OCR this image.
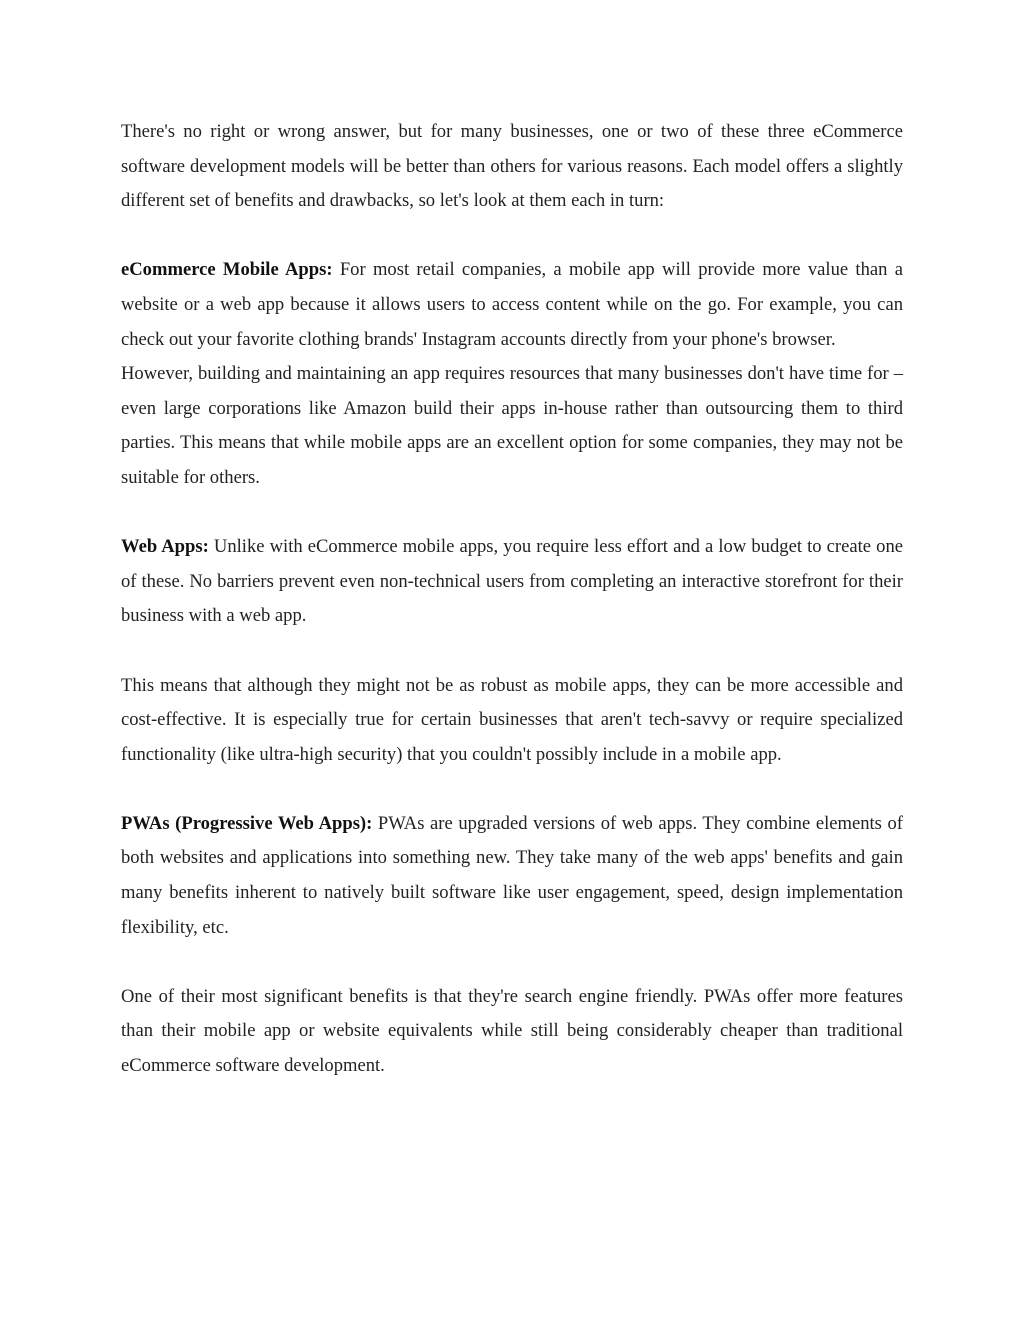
There's no right or wrong answer, but for many businesses, one or two of these three eCommerce software development models will be better than others for various reasons. Each model offers a slightly different set of benefits and drawbacks, so let's look at them each in turn:

eCommerce Mobile Apps: For most retail companies, a mobile app will provide more value than a website or a web app because it allows users to access content while on the go. For example, you can check out your favorite clothing brands' Instagram accounts directly from your phone's browser.

However, building and maintaining an app requires resources that many businesses don't have time for – even large corporations like Amazon build their apps in-house rather than outsourcing them to third parties. This means that while mobile apps are an excellent option for some companies, they may not be suitable for others.

Web Apps: Unlike with eCommerce mobile apps, you require less effort and a low budget to create one of these. No barriers prevent even non-technical users from completing an interactive storefront for their business with a web app.

This means that although they might not be as robust as mobile apps, they can be more accessible and cost-effective. It is especially true for certain businesses that aren't tech-savvy or require specialized functionality (like ultra-high security) that you couldn't possibly include in a mobile app.

PWAs (Progressive Web Apps): PWAs are upgraded versions of web apps. They combine elements of both websites and applications into something new. They take many of the web apps' benefits and gain many benefits inherent to natively built software like user engagement, speed, design implementation flexibility, etc.

One of their most significant benefits is that they're search engine friendly. PWAs offer more features than their mobile app or website equivalents while still being considerably cheaper than traditional eCommerce software development.
